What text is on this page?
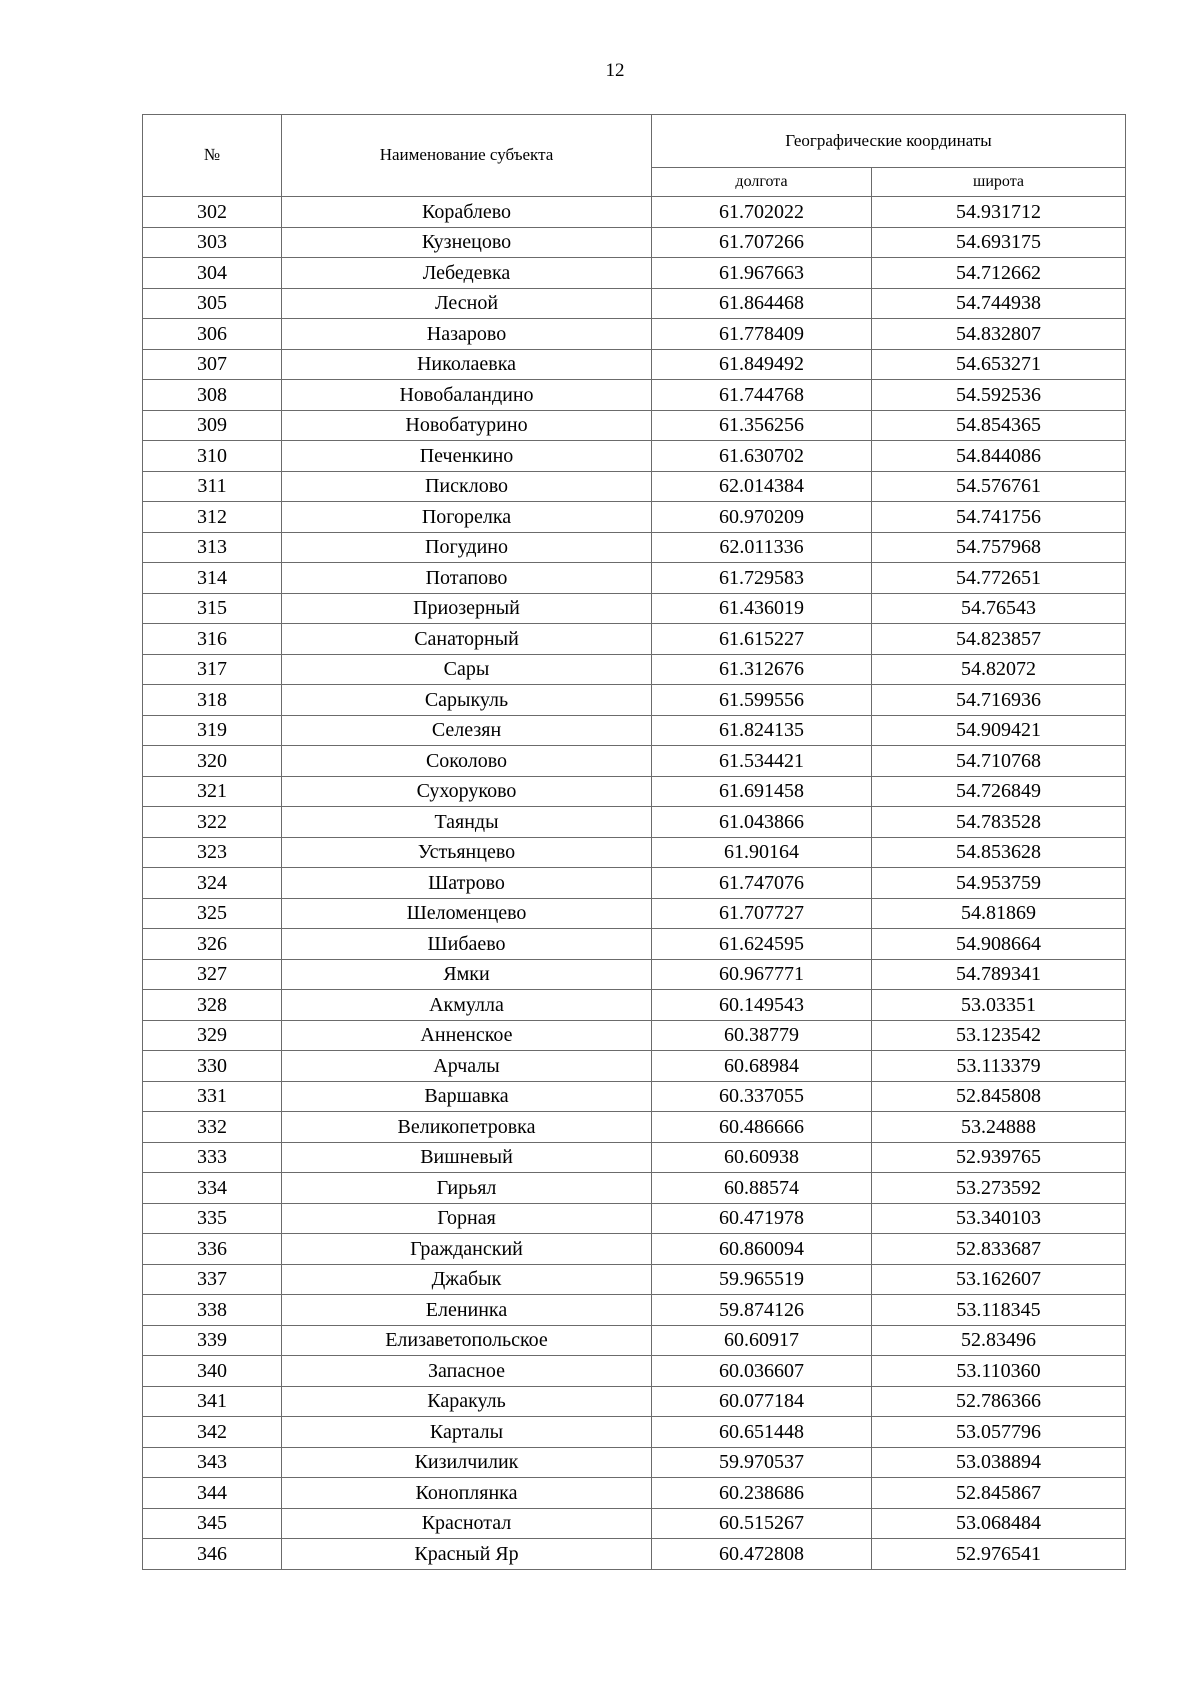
12
№	Наименование субъекта	Географические координаты	
		долгота	широта
302	Кораблево	61.702022	54.931712
303	Кузнецово	61.707266	54.693175
304	Лебедевка	61.967663	54.712662
305	Лесной	61.864468	54.744938
306	Назарово	61.778409	54.832807
307	Николаевка	61.849492	54.653271
308	Новобаландино	61.744768	54.592536
309	Новобатурино	61.356256	54.854365
310	Печенкино	61.630702	54.844086
311	Писклово	62.014384	54.576761
312	Погорелка	60.970209	54.741756
313	Погудино	62.011336	54.757968
314	Потапово	61.729583	54.772651
315	Приозерный	61.436019	54.76543
316	Санаторный	61.615227	54.823857
317	Сары	61.312676	54.82072
318	Сарыкуль	61.599556	54.716936
319	Селезян	61.824135	54.909421
320	Соколово	61.534421	54.710768
321	Сухоруково	61.691458	54.726849
322	Таянды	61.043866	54.783528
323	Устьянцево	61.90164	54.853628
324	Шатрово	61.747076	54.953759
325	Шеломенцево	61.707727	54.81869
326	Шибаево	61.624595	54.908664
327	Ямки	60.967771	54.789341
328	Акмулла	60.149543	53.03351
329	Анненское	60.38779	53.123542
330	Арчалы	60.68984	53.113379
331	Варшавка	60.337055	52.845808
332	Великопетровка	60.486666	53.24888
333	Вишневый	60.60938	52.939765
334	Гирьял	60.88574	53.273592
335	Горная	60.471978	53.340103
336	Гражданский	60.860094	52.833687
337	Джабык	59.965519	53.162607
338	Еленинка	59.874126	53.118345
339	Елизаветопольское	60.60917	52.83496
340	Запасное	60.036607	53.110360
341	Каракуль	60.077184	52.786366
342	Карталы	60.651448	53.057796
343	Кизилчилик	59.970537	53.038894
344	Коноплянка	60.238686	52.845867
345	Краснотал	60.515267	53.068484
346	Красный Яр	60.472808	52.976541
